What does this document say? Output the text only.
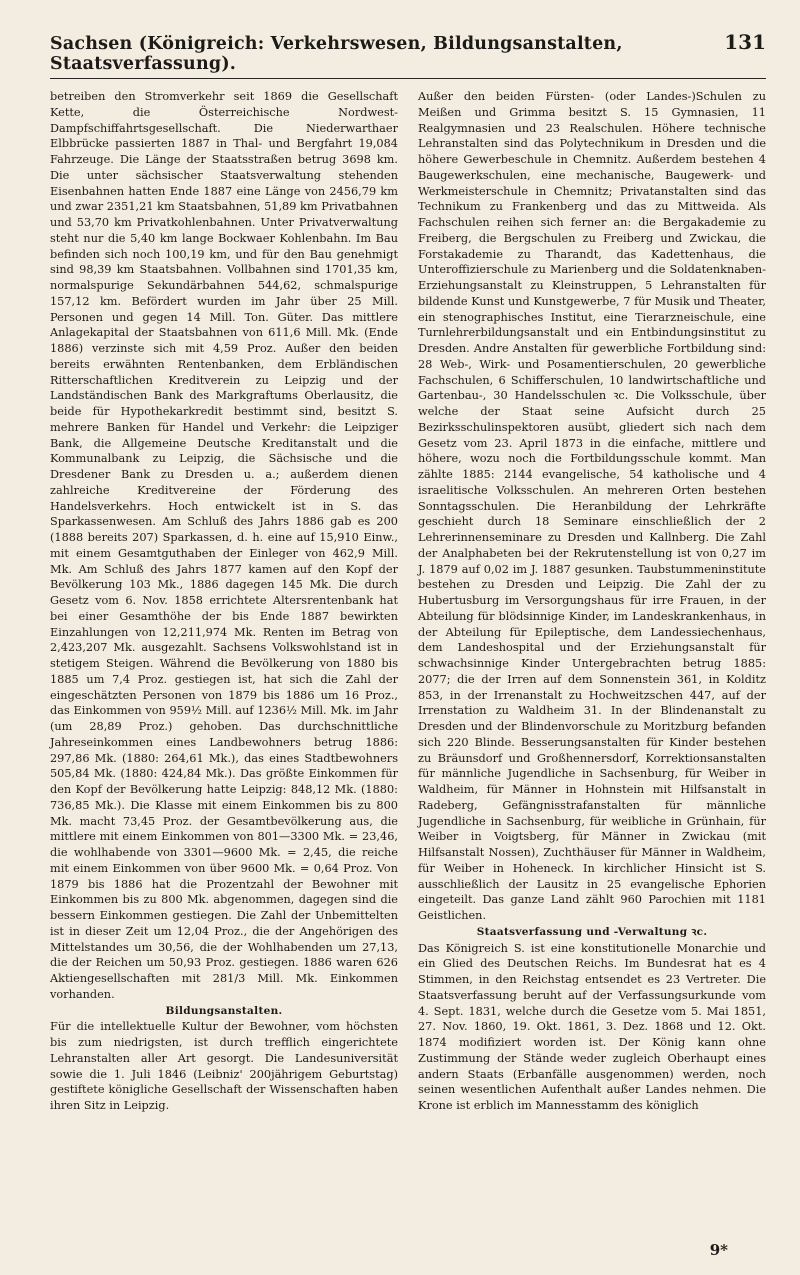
Sachsen (Königreich: Verkehrswesen, Bildungsanstalten, Staatsverfassung).
131

betreiben den Stromverkehr seit 1869 die Gesellschaft Kette, die Österreichische Nordwest-Dampfschiffahrtsgesellschaft. Die Niederwarthaer Elbbrücke passierten 1887 in Thal- und Bergfahrt 19,084 Fahrzeuge. Die Länge der Staatsstraßen betrug 3698 km. Die unter sächsischer Staatsverwaltung stehenden Eisenbahnen hatten Ende 1887 eine Länge von 2456,79 km und zwar 2351,21 km Staatsbahnen, 51,89 km Privatbahnen und 53,70 km Privatkohlenbahnen. Unter Privatverwaltung steht nur die 5,40 km lange Bockwaer Kohlenbahn. Im Bau befinden sich noch 100,19 km, und für den Bau genehmigt sind 98,39 km Staatsbahnen. Vollbahnen sind 1701,35 km, normalspurige Sekundärbahnen 544,62, schmalspurige 157,12 km. Befördert wurden im Jahr über 25 Mill. Personen und gegen 14 Mill. Ton. Güter. Das mittlere Anlagekapital der Staatsbahnen von 611,6 Mill. Mk. (Ende 1886) verzinste sich mit 4,59 Proz. Außer den beiden bereits erwähnten Rentenbanken, dem Erbländischen Ritterschaftlichen Kreditverein zu Leipzig und der Landständischen Bank des Markgraftums Oberlausitz, die beide für Hypothekarkredit bestimmt sind, besitzt S. mehrere Banken für Handel und Verkehr: die Leipziger Bank, die Allgemeine Deutsche Kreditanstalt und die Kommunalbank zu Leipzig, die Sächsische und die Dresdener Bank zu Dresden u. a.; außerdem dienen zahlreiche Kreditvereine der Förderung des Handelsverkehrs. Hoch entwickelt ist in S. das Sparkassenwesen. Am Schluß des Jahrs 1886 gab es 200 (1888 bereits 207) Sparkassen, d. h. eine auf 15,910 Einw., mit einem Gesamtguthaben der Einleger von 462,9 Mill. Mk. Am Schluß des Jahrs 1877 kamen auf den Kopf der Bevölkerung 103 Mk., 1886 dagegen 145 Mk. Die durch Gesetz vom 6. Nov. 1858 errichtete Altersrentenbank hat bei einer Gesamthöhe der bis Ende 1887 bewirkten Einzahlungen von 12,211,974 Mk. Renten im Betrag von 2,423,207 Mk. ausgezahlt. Sachsens Volkswohlstand ist in stetigem Steigen. Während die Bevölkerung von 1880 bis 1885 um 7,4 Proz. gestiegen ist, hat sich die Zahl der eingeschätzten Personen von 1879 bis 1886 um 16 Proz., das Einkommen von 959½ Mill. auf 1236½ Mill. Mk. im Jahr (um 28,89 Proz.) gehoben. Das durchschnittliche Jahreseinkommen eines Landbewohners betrug 1886: 297,86 Mk. (1880: 264,61 Mk.), das eines Stadtbewohners 505,84 Mk. (1880: 424,84 Mk.). Das größte Einkommen für den Kopf der Bevölkerung hatte Leipzig: 848,12 Mk. (1880: 736,85 Mk.). Die Klasse mit einem Einkommen bis zu 800 Mk. macht 73,45 Proz. der Gesamtbevölkerung aus, die mittlere mit einem Einkommen von 801—3300 Mk. = 23,46, die wohlhabende von 3301—9600 Mk. = 2,45, die reiche mit einem Einkommen von über 9600 Mk. = 0,64 Proz. Von 1879 bis 1886 hat die Prozentzahl der Bewohner mit Einkommen bis zu 800 Mk. abgenommen, dagegen sind die bessern Einkommen gestiegen. Die Zahl der Unbemittelten ist in dieser Zeit um 12,04 Proz., die der Angehörigen des Mittelstandes um 30,56, die der Wohlhabenden um 27,13, die der Reichen um 50,93 Proz. gestiegen. 1886 waren 626 Aktiengesellschaften mit 281/3 Mill. Mk. Einkommen vorhanden.

Bildungsanstalten.

Für die intellektuelle Kultur der Bewohner, vom höchsten bis zum niedrigsten, ist durch trefflich eingerichtete Lehranstalten aller Art gesorgt. Die Landesuniversität sowie die 1. Juli 1846 (Leibniz' 200jährigem Geburtstag) gestiftete königliche Gesellschaft der Wissenschaften haben ihren Sitz in Leipzig.

Außer den beiden Fürsten- (oder Landes-)Schulen zu Meißen und Grimma besitzt S. 15 Gymnasien, 11 Realgymnasien und 23 Realschulen. Höhere technische Lehranstalten sind das Polytechnikum in Dresden und die höhere Gewerbeschule in Chemnitz. Außerdem bestehen 4 Baugewerkschulen, eine mechanische, Baugewerk- und Werkmeisterschule in Chemnitz; Privatanstalten sind das Technikum zu Frankenberg und das zu Mittweida. Als Fachschulen reihen sich ferner an: die Bergakademie zu Freiberg, die Bergschulen zu Freiberg und Zwickau, die Forstakademie zu Tharandt, das Kadettenhaus, die Unteroffizierschule zu Marienberg und die Soldatenknaben-Erziehungsanstalt zu Kleinstruppen, 5 Lehranstalten für bildende Kunst und Kunstgewerbe, 7 für Musik und Theater, ein stenographisches Institut, eine Tierarzneischule, eine Turnlehrerbildungsanstalt und ein Entbindungsinstitut zu Dresden. Andre Anstalten für gewerbliche Fortbildung sind: 28 Web-, Wirk- und Posamentierschulen, 20 gewerbliche Fachschulen, 6 Schifferschulen, 10 landwirtschaftliche und Gartenbau-, 30 Handelsschulen ꝛc. Die Volksschule, über welche der Staat seine Aufsicht durch 25 Bezirksschulinspektoren ausübt, gliedert sich nach dem Gesetz vom 23. April 1873 in die einfache, mittlere und höhere, wozu noch die Fortbildungsschule kommt. Man zählte 1885: 2144 evangelische, 54 katholische und 4 israelitische Volksschulen. An mehreren Orten bestehen Sonntagsschulen. Die Heranbildung der Lehrkräfte geschieht durch 18 Seminare einschließlich der 2 Lehrerinnenseminare zu Dresden und Kallnberg. Die Zahl der Analphabeten bei der Rekrutenstellung ist von 0,27 im J. 1879 auf 0,02 im J. 1887 gesunken. Taubstummeninstitute bestehen zu Dresden und Leipzig. Die Zahl der zu Hubertusburg im Versorgungshaus für irre Frauen, in der Abteilung für blödsinnige Kinder, im Landeskrankenhaus, in der Abteilung für Epileptische, dem Landessiechenhaus, dem Landeshospital und der Erziehungsanstalt für schwachsinnige Kinder Untergebrachten betrug 1885: 2077; die der Irren auf dem Sonnenstein 361, in Kolditz 853, in der Irrenanstalt zu Hochweitzschen 447, auf der Irrenstation zu Waldheim 31. In der Blindenanstalt zu Dresden und der Blindenvorschule zu Moritzburg befanden sich 220 Blinde. Besserungsanstalten für Kinder bestehen zu Bräunsdorf und Großhennersdorf, Korrektionsanstalten für männliche Jugendliche in Sachsenburg, für Weiber in Waldheim, für Männer in Hohnstein mit Hilfsanstalt in Radeberg, Gefängnisstrafanstalten für männliche Jugendliche in Sachsenburg, für weibliche in Grünhain, für Weiber in Voigtsberg, für Männer in Zwickau (mit Hilfsanstalt Nossen), Zuchthäuser für Männer in Waldheim, für Weiber in Hoheneck. In kirchlicher Hinsicht ist S. ausschließlich der Lausitz in 25 evangelische Ephorien eingeteilt. Das ganze Land zählt 960 Parochien mit 1181 Geistlichen.

Staatsverfassung und -Verwaltung ꝛc.

Das Königreich S. ist eine konstitutionelle Monarchie und ein Glied des Deutschen Reichs. Im Bundesrat hat es 4 Stimmen, in den Reichstag entsendet es 23 Vertreter. Die Staatsverfassung beruht auf der Verfassungsurkunde vom 4. Sept. 1831, welche durch die Gesetze vom 5. Mai 1851, 27. Nov. 1860, 19. Okt. 1861, 3. Dez. 1868 und 12. Okt. 1874 modifiziert worden ist. Der König kann ohne Zustimmung der Stände weder zugleich Oberhaupt eines andern Staats (Erbanfälle ausgenommen) werden, noch seinen wesentlichen Aufenthalt außer Landes nehmen. Die Krone ist erblich im Mannesstamm des königlich

9*
